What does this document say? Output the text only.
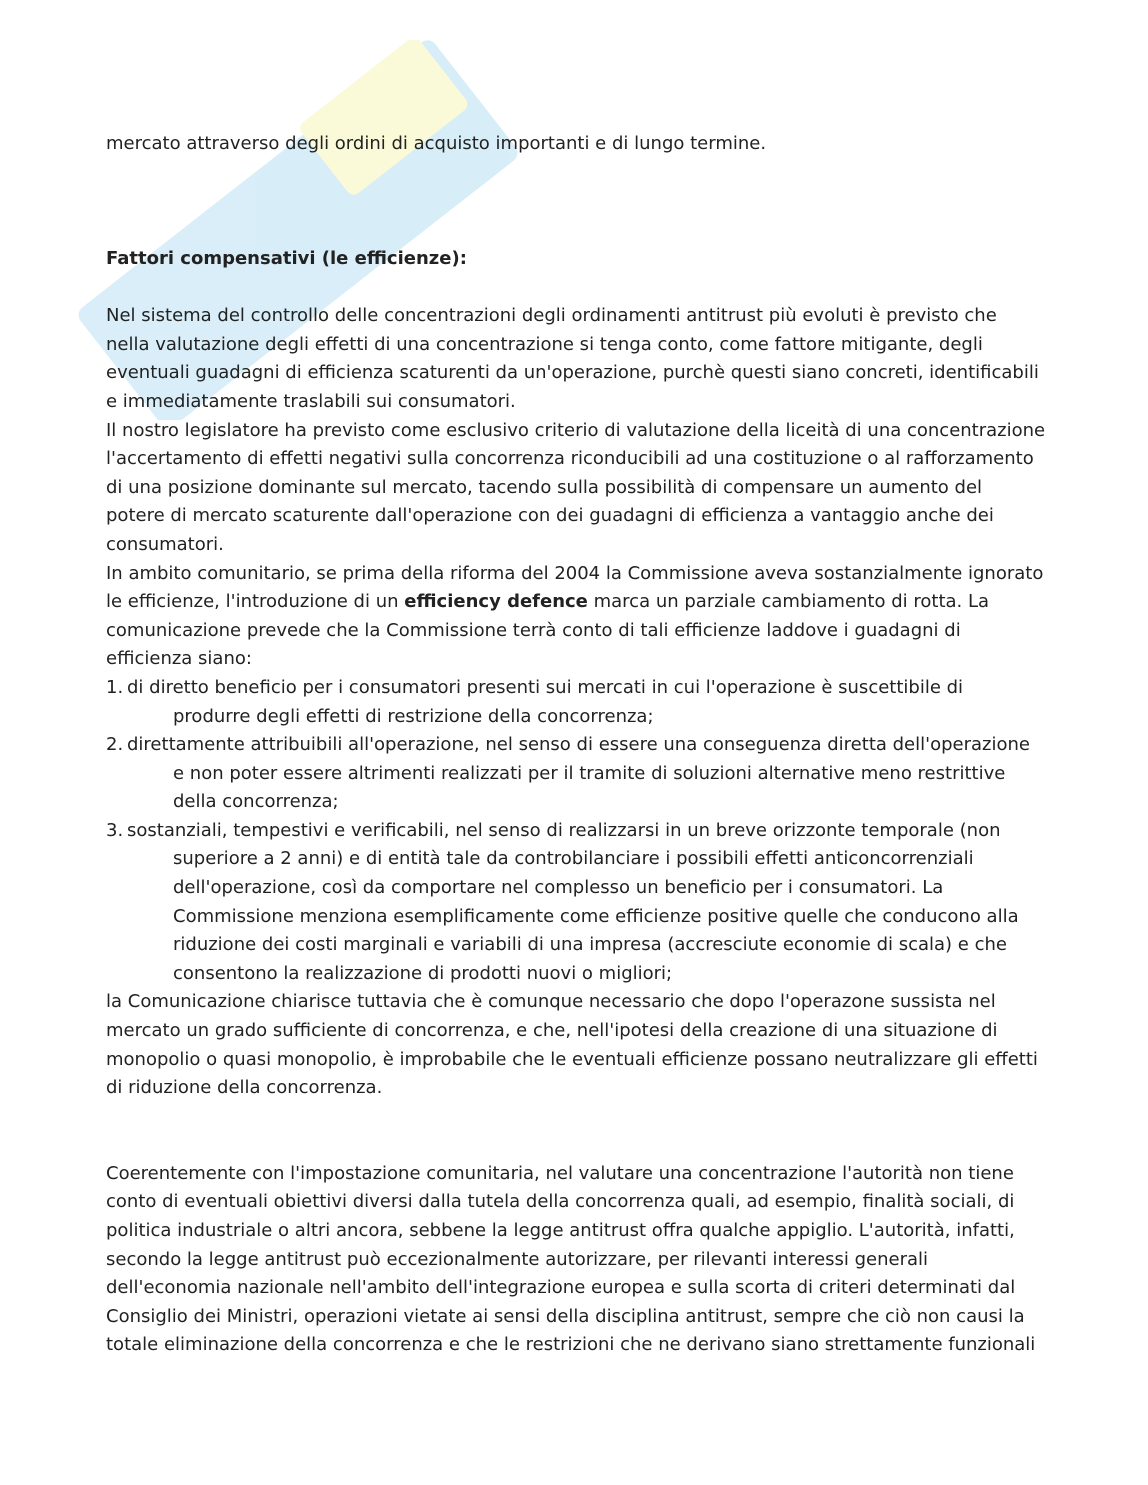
mercato attraverso degli ordini di acquisto importanti e di lungo termine.

Fattori compensativi (le efficienze):

Nel sistema del controllo delle concentrazioni degli ordinamenti antitrust più evoluti è previsto che nella valutazione degli effetti di una concentrazione si tenga conto, come fattore mitigante, degli eventuali guadagni di efficienza scaturenti da un'operazione, purchè questi siano concreti, identificabili e immediatamente traslabili sui consumatori.

Il nostro legislatore ha previsto come esclusivo criterio di valutazione della liceità di una concentrazione l'accertamento di effetti negativi sulla concorrenza riconducibili ad una costituzione o al rafforzamento di una posizione dominante sul mercato, tacendo sulla possibilità di compensare un aumento del potere di mercato scaturente dall'operazione con dei guadagni di efficienza a vantaggio anche dei consumatori.

In ambito comunitario, se prima della riforma del 2004 la Commissione aveva sostanzialmente ignorato le efficienze, l'introduzione di un efficiency defence marca un parziale cambiamento di rotta. La comunicazione prevede che la Commissione terrà conto di tali efficienze laddove i guadagni di efficienza siano:

1. di diretto beneficio per i consumatori presenti sui mercati in cui l'operazione è suscettibile di produrre degli effetti di restrizione della concorrenza;
2. direttamente attribuibili all'operazione, nel senso di essere una conseguenza diretta dell'operazione e non poter essere altrimenti realizzati per il tramite di soluzioni alternative meno restrittive della concorrenza;
3. sostanziali, tempestivi e verificabili, nel senso di realizzarsi in un breve orizzonte temporale (non superiore a 2 anni) e di entità tale da controbilanciare i possibili effetti anticoncorrenziali dell'operazione, così da comportare nel complesso un beneficio per i consumatori. La Commissione menziona esemplificamente come efficienze positive quelle che conducono alla riduzione dei costi marginali e variabili di una impresa (accresciute economie di scala) e che consentono la realizzazione di prodotti nuovi o migliori;

la Comunicazione chiarisce tuttavia che è comunque necessario che dopo l'operazone sussista nel mercato un grado sufficiente di concorrenza, e che, nell'ipotesi della creazione di una situazione di monopolio o quasi monopolio, è improbabile che le eventuali efficienze possano neutralizzare gli effetti di riduzione della concorrenza.

Coerentemente con l'impostazione comunitaria, nel valutare una concentrazione l'autorità non tiene conto di eventuali obiettivi diversi dalla tutela della concorrenza quali, ad esempio, finalità sociali, di politica industriale o altri ancora, sebbene la legge antitrust offra qualche appiglio. L'autorità, infatti, secondo la legge antitrust può eccezionalmente autorizzare, per rilevanti interessi generali dell'economia nazionale nell'ambito dell'integrazione europea e sulla scorta di criteri determinati dal Consiglio dei Ministri, operazioni vietate ai sensi della disciplina antitrust, sempre che ciò non causi la totale eliminazione della concorrenza e che le restrizioni che ne derivano siano strettamente funzionali
